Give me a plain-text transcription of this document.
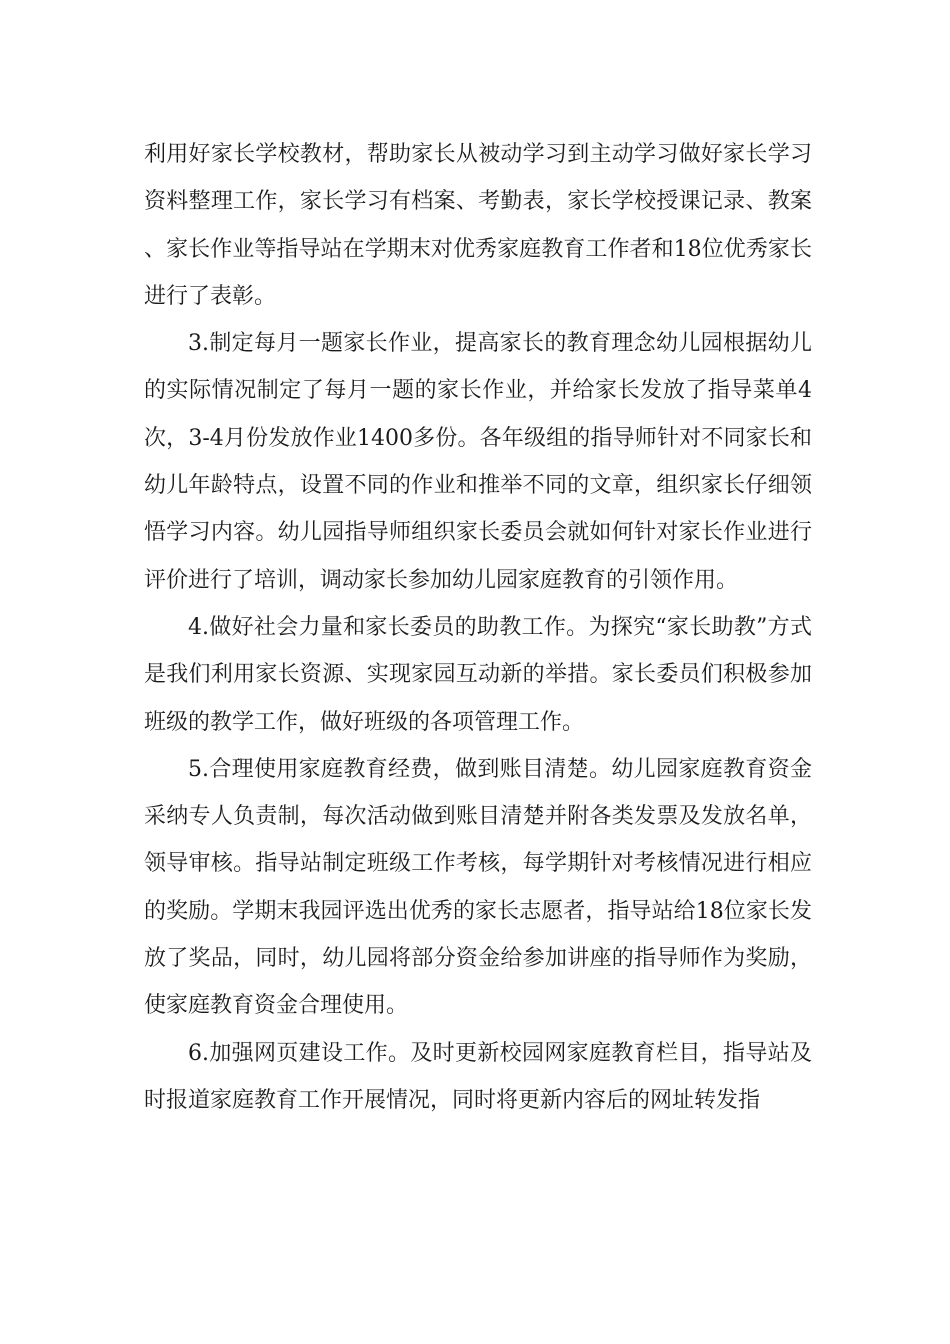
利用好家长学校教材，帮助家长从被动学习到主动学习做好家长学习资料整理工作，家长学习有档案、考勤表，家长学校授课记录、教案、家长作业等指导站在学期末对优秀家庭教育工作者和18位优秀家长进行了表彰。

3.制定每月一题家长作业，提高家长的教育理念幼儿园根据幼儿的实际情况制定了每月一题的家长作业，并给家长发放了指导菜单4次，3-4月份发放作业1400多份。各年级组的指导师针对不同家长和幼儿年龄特点，设置不同的作业和推举不同的文章，组织家长仔细领悟学习内容。幼儿园指导师组织家长委员会就如何针对家长作业进行评价进行了培训，调动家长参加幼儿园家庭教育的引领作用。

4.做好社会力量和家长委员的助教工作。为探究“家长助教”方式是我们利用家长资源、实现家园互动新的举措。家长委员们积极参加班级的教学工作，做好班级的各项管理工作。

5.合理使用家庭教育经费，做到账目清楚。幼儿园家庭教育资金采纳专人负责制，每次活动做到账目清楚并附各类发票及发放名单，领导审核。指导站制定班级工作考核，每学期针对考核情况进行相应的奖励。学期末我园评选出优秀的家长志愿者，指导站给18位家长发放了奖品，同时，幼儿园将部分资金给参加讲座的指导师作为奖励，使家庭教育资金合理使用。

6.加强网页建设工作。及时更新校园网家庭教育栏目，指导站及时报道家庭教育工作开展情况，同时将更新内容后的网址转发指
